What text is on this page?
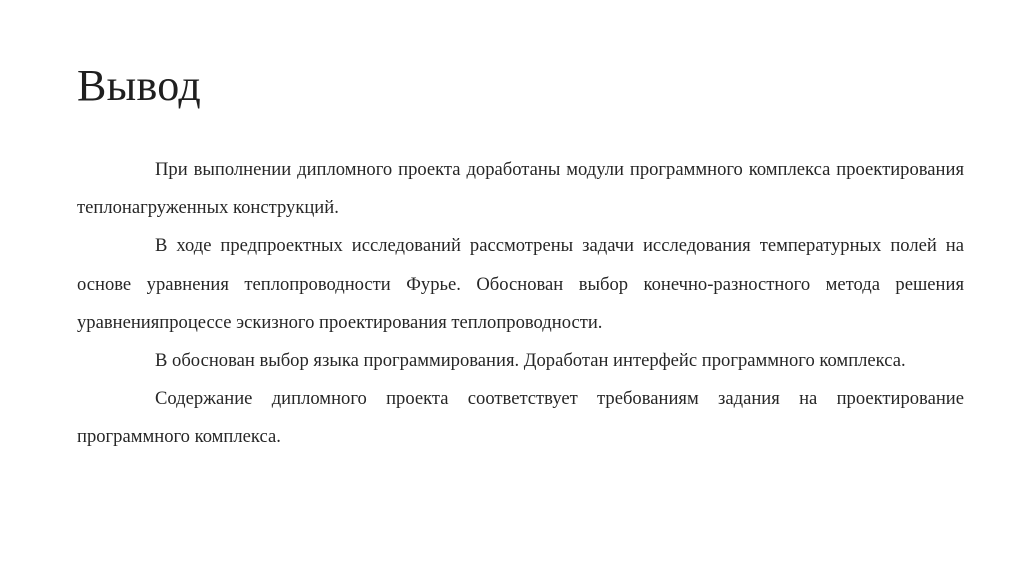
Вывод

При выполнении дипломного проекта доработаны модули программного комплекса проектирования теплонагруженных конструкций.

В ходе предпроектных исследований рассмотрены задачи исследования температурных полей на основе уравнения теплопроводности Фурье. Обоснован выбор конечно-разностного метода решения уравненияпроцессе эскизного проектирования теплопроводности.

В обоснован выбор языка программирования. Доработан интерфейс программного комплекса.

Содержание дипломного проекта соответствует требованиям задания на проектирование программного комплекса.
